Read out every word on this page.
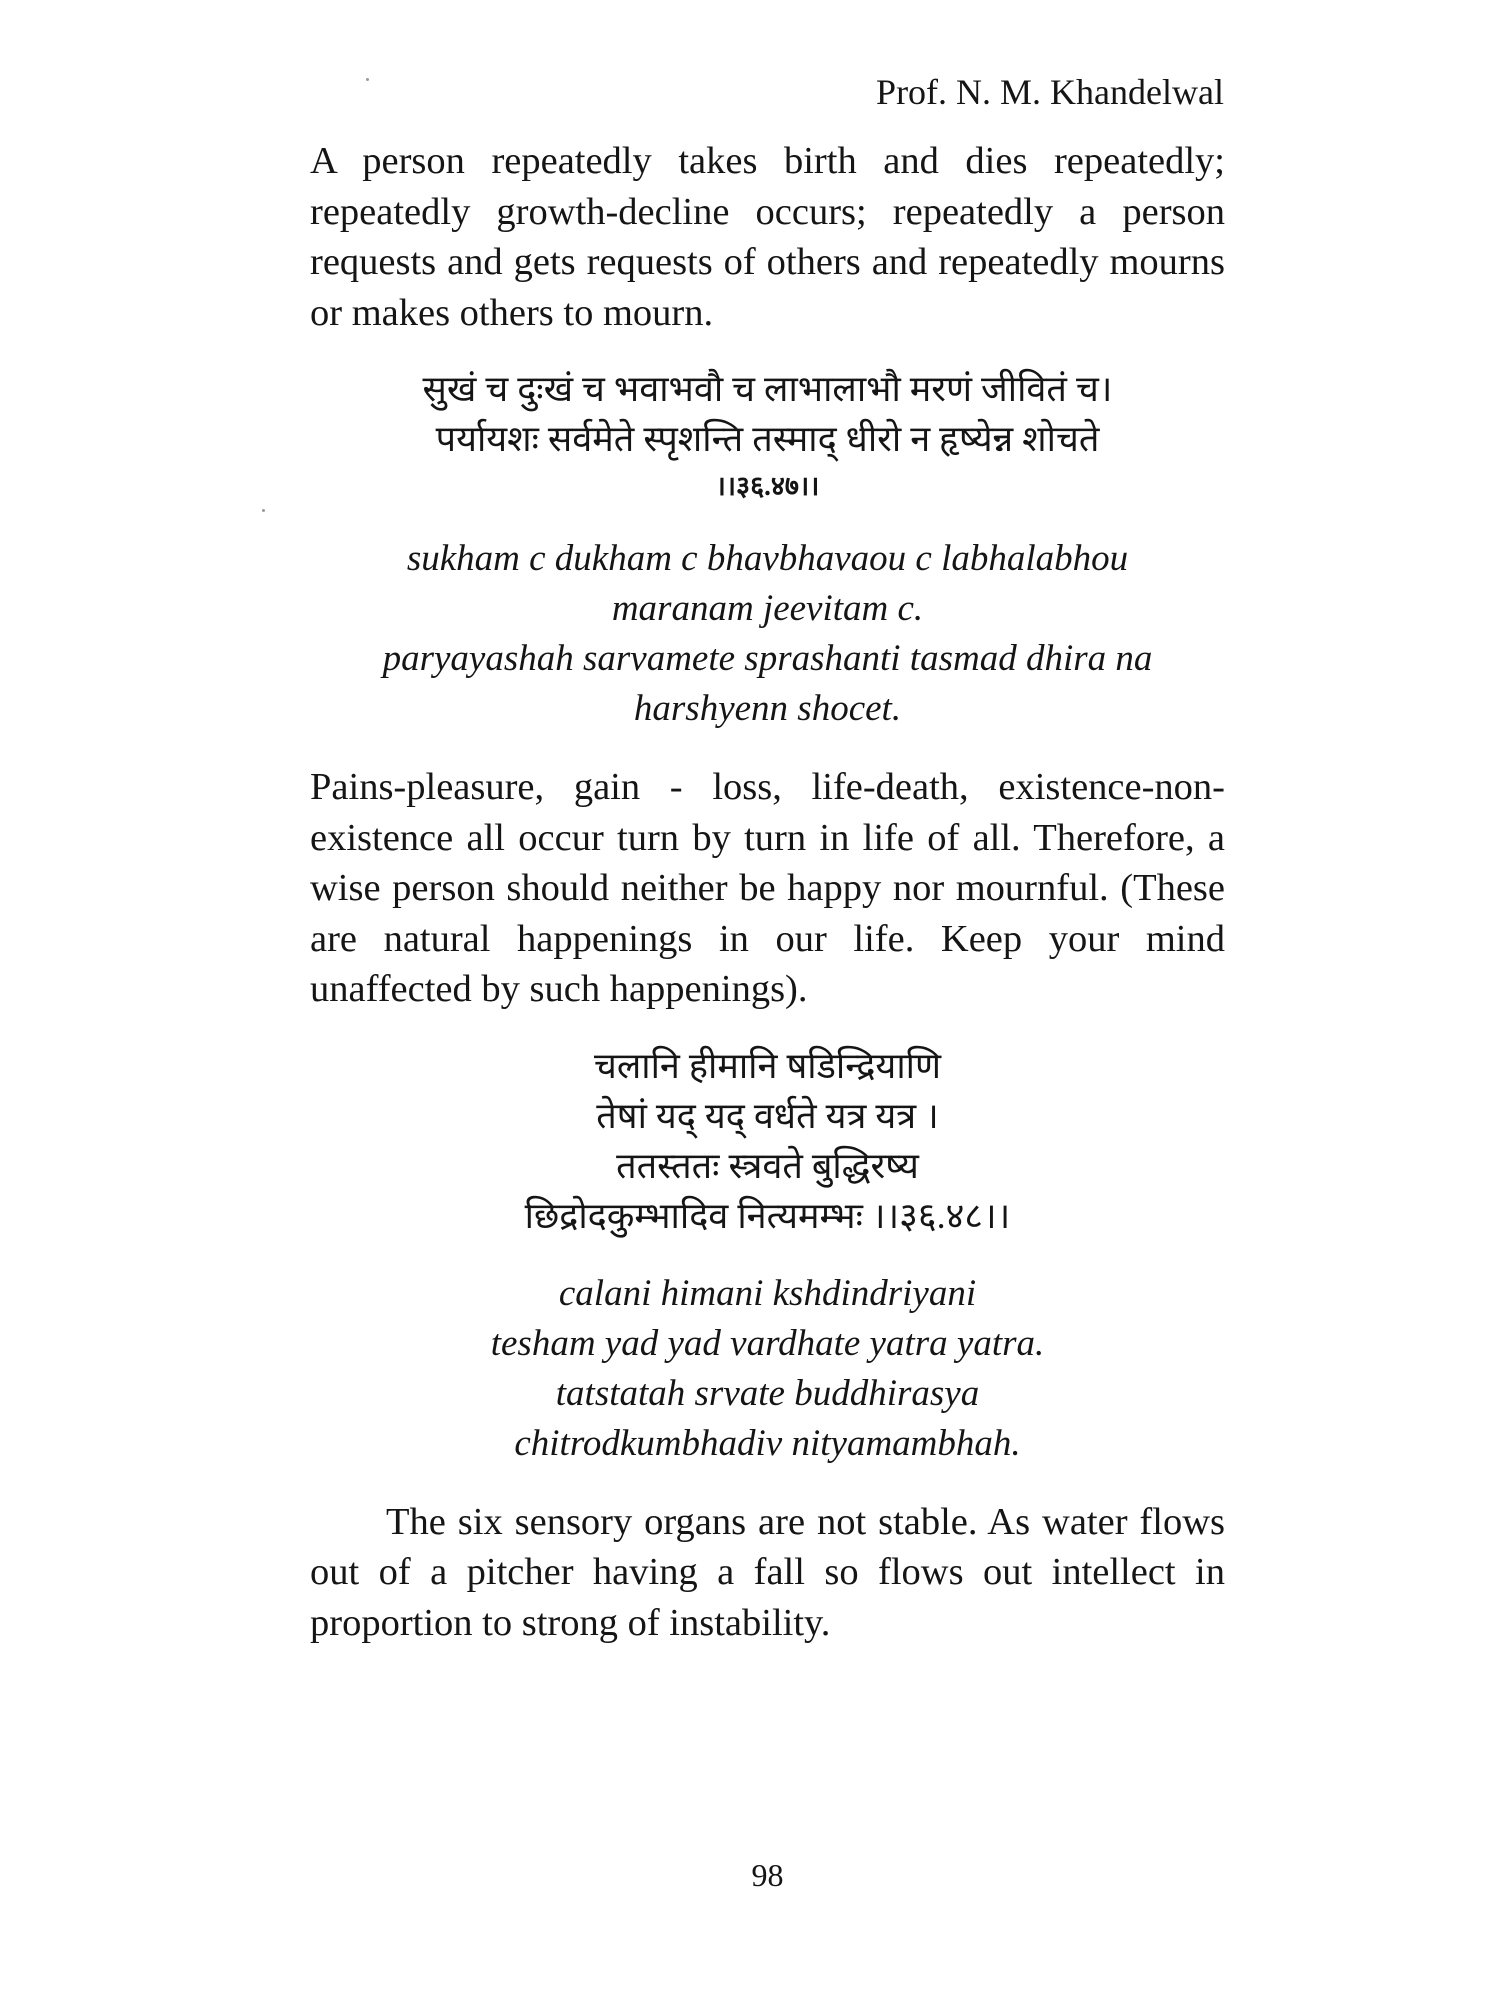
Prof. N. M. Khandelwal

A person repeatedly takes birth and dies repeatedly; repeatedly growth-decline occurs; repeatedly a person requests and gets requests of others and repeatedly mourns or makes others to mourn.

सुखं च दुःखं च भवाभवौ च लाभालाभौ मरणं जीवितं च।
पर्यायशः सर्वमेते स्पृशन्ति तस्माद् धीरो न हृष्येन्न शोचते
।।३६.४७।।
sukham c dukham c bhavbhavaou c labhalabhou
maranam jeevitam c.
paryayashah sarvamete sprashanti tasmad dhira na
harshyenn shocet.

Pains-pleasure, gain - loss, life-death, existence-non-existence all occur turn by turn in life of all. Therefore, a wise person should neither be happy nor mournful. (These are natural happenings in our life. Keep your mind unaffected by such happenings).

चलानि हीमानि षडिन्द्रियाणि
तेषां यद् यद् वर्धते यत्र यत्र ।
ततस्ततः स्त्रवते बुद्धिरष्य
छिद्रोदकुम्भादिव नित्यमम्भः ।।३६.४८।।
calani himani kshdindriyani
tesham yad yad vardhate yatra yatra.
tatstatah srvate buddhirasya
chitrodkumbhadiv nityamambhah.

The six sensory organs are not stable. As water flows out of a pitcher having a fall so flows out intellect in proportion to strong of instability.

98
